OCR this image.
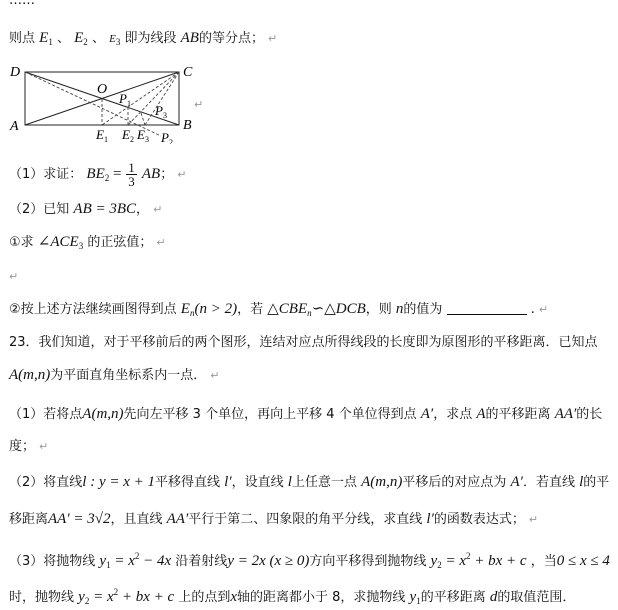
……
则点 $E_1$ 、 $E_2$ 、 $E_3$ 即为线段 AB的等分点； ↵
D	C
A	B
O
$P_1$ $P_3$
$P_2$
$E_1$ $E_2$ $E_3$
↵
（1）求证： $BE_2 = \frac{1}{3}$ AB； ↵
（2）已知 AB = 3BC， ↵
①求 $\angle ACE_3$ 的正弦值； ↵
↵
②按上述方法继续画图得到点 $E_n(n > 2)$，若 $\triangle CBE_n∽\triangle DCB$，则 n的值为	. ↵
23．我们知道，对于平移前后的两个图形，连结对应点所得线段的长度即为原图形的平移距离．已知点
A(m,n)为平面直角坐标系内一点． ↵
（1）若将点A(m,n)先向左平移 3 个单位，再向上平移 4 个单位得到点 A′，求点 A的平移距离 AA′的长
度； ↵
（2）将直线l : y = x + 1平移得直线 l′，设直线 l上任意一点 A(m,n)平移后的对应点为 A′．若直线 l的平
移距离AA′ = 3√2，且直线 AA′平行于第二、四象限的角平分线，求直线 l′的函数表达式； ↵
（3）将抛物线 $y_1 = x^2 - 4x$ 沿着射线y = 2x (x ≥ 0)方向平移得到抛物线 $y_2 = x^2$ + bx + c ，当0 ≤ x ≤ 4
时，抛物线 $y_2 = x^2$ + bx + c 上的点到x轴的距离都小于 8，求抛物线 $y_1$的平移距离 d的取值范围．
